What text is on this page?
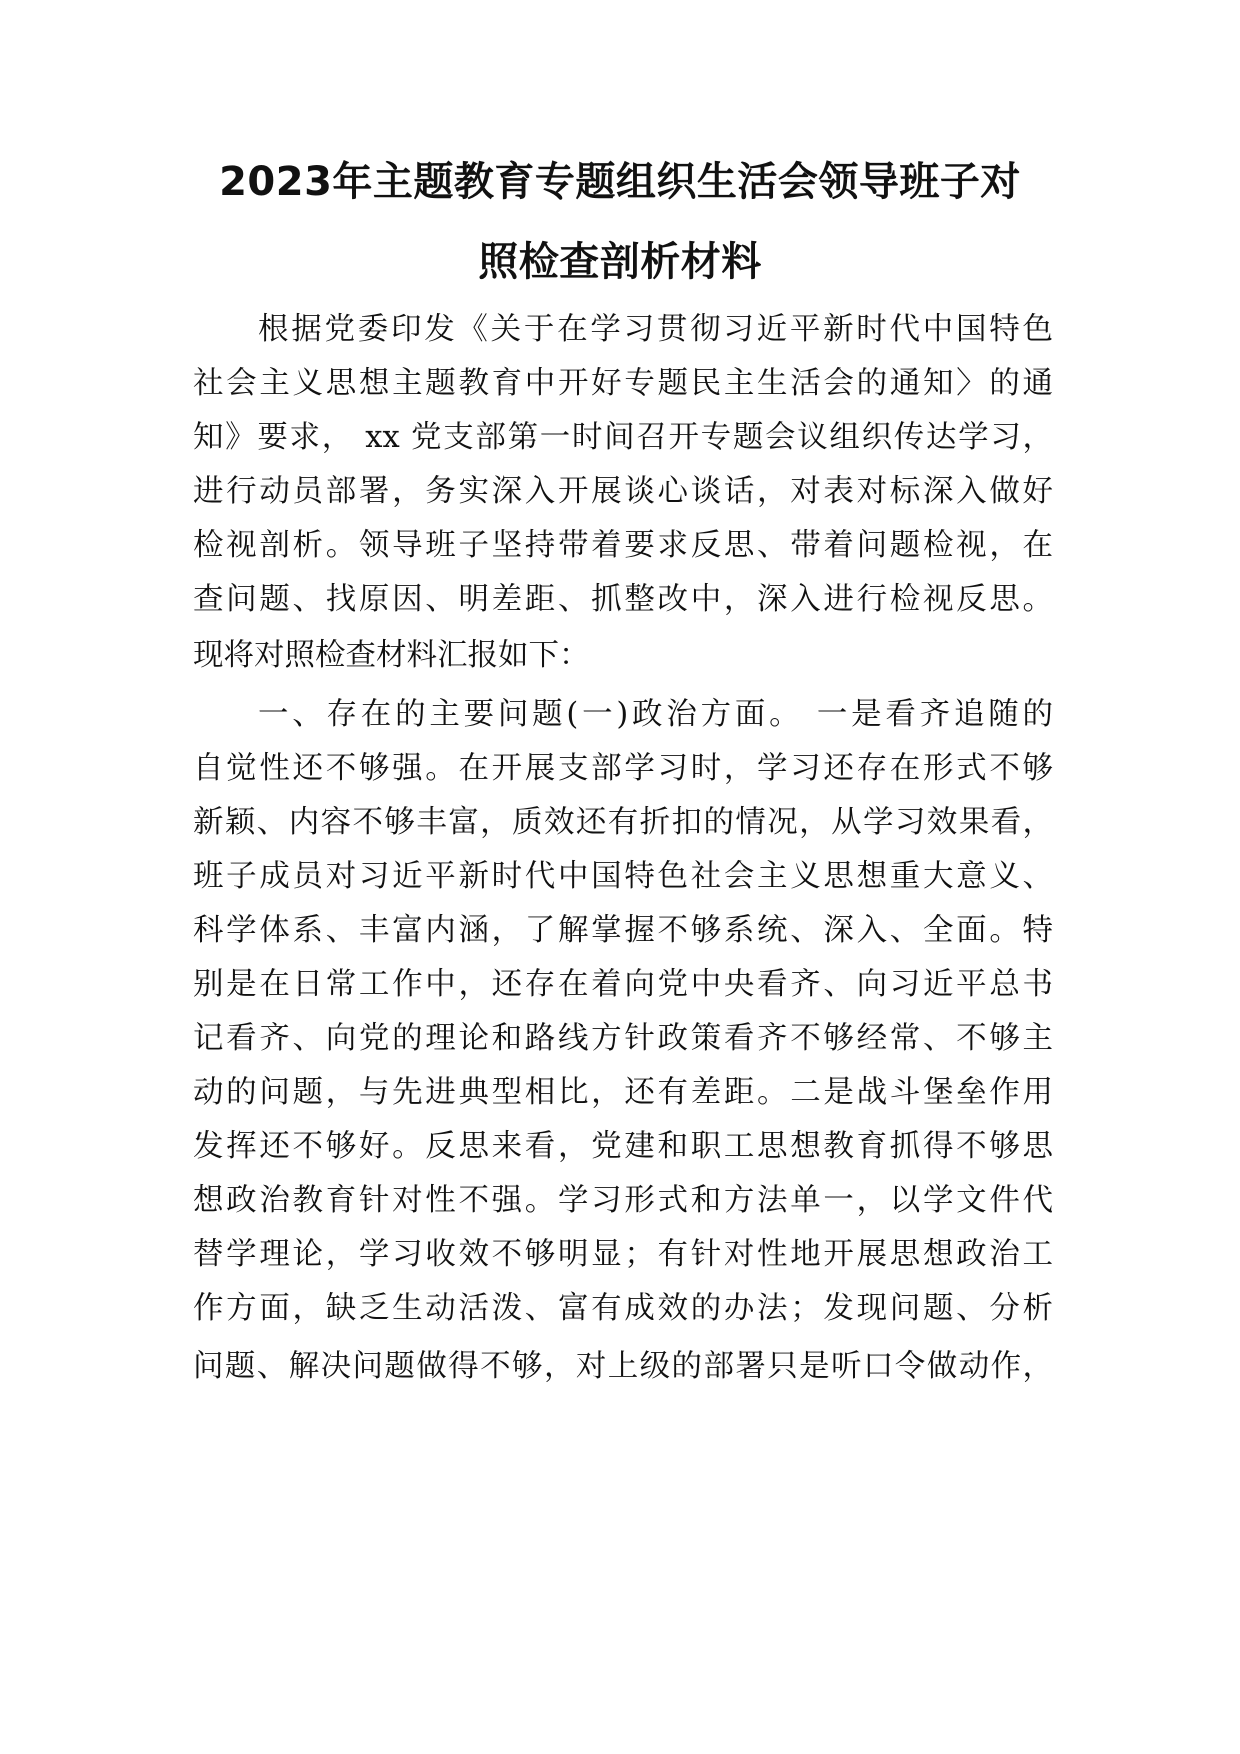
2023年主题教育专题组织生活会领导班子对
照检查剖析材料
根据党委印发《关于在学习贯彻习近平新时代中国特色
社会主义思想主题教育中开好专题民主生活会的通知〉的通
知》要求， xx 党支部第一时间召开专题会议组织传达学习，
进行动员部署，务实深入开展谈心谈话，对表对标深入做好
检视剖析。领导班子坚持带着要求反思、带着问题检视，在
查问题、找原因、明差距、抓整改中，深入进行检视反思。
现将对照检查材料汇报如下：
一、存在的主要问题(一)政治方面。 一是看齐追随的
自觉性还不够强。在开展支部学习时，学习还存在形式不够
新颖、内容不够丰富，质效还有折扣的情况，从学习效果看，
班子成员对习近平新时代中国特色社会主义思想重大意义、
科学体系、丰富内涵，了解掌握不够系统、深入、全面。特
别是在日常工作中，还存在着向党中央看齐、向习近平总书
记看齐、向党的理论和路线方针政策看齐不够经常、不够主
动的问题，与先进典型相比，还有差距。二是战斗堡垒作用
发挥还不够好。反思来看，党建和职工思想教育抓得不够思
想政治教育针对性不强。学习形式和方法单一，以学文件代
替学理论，学习收效不够明显；有针对性地开展思想政治工
作方面，缺乏生动活泼、富有成效的办法；发现问题、分析
问题、解决问题做得不够，对上级的部署只是听口令做动作，
